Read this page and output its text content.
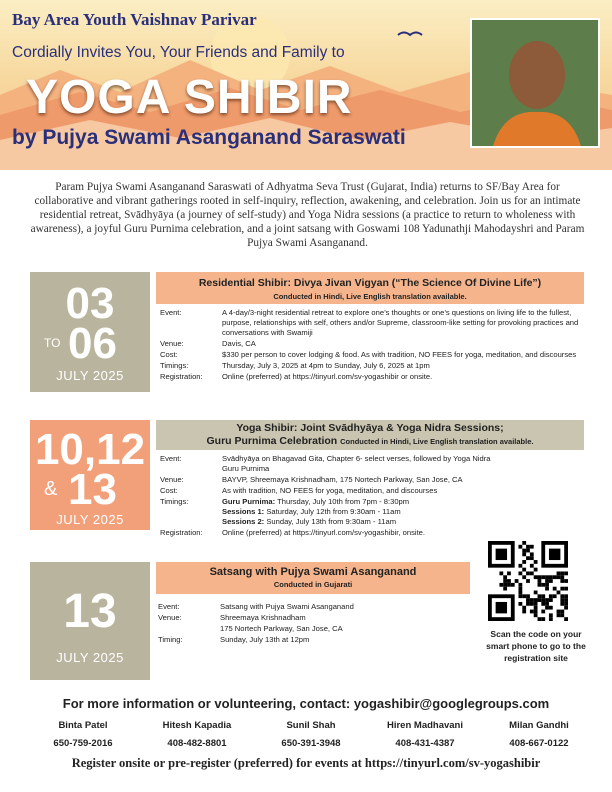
Bay Area Youth Vaishnav Parivar
Cordially Invites You, Your Friends and Family to
YOGA SHIBIR
by Pujya Swami Asanganand Saraswati
Param Pujya Swami Asanganand Saraswati of Adhyatma Seva Trust (Gujarat, India) returns to SF/Bay Area for collaborative and vibrant gatherings rooted in self-inquiry, reflection, awakening, and celebration. Join us for an intimate residential retreat, Svādhyāya (a journey of self-study) and Yoga Nidra sessions (a practice to return to wholeness with awareness), a joyful Guru Purnima celebration, and a joint satsang with Goswami 108 Yadunathji Mahodayshri and Param Pujya Swami Asanganand.
03
TO 06
JULY 2025
Residential Shibir: Divya Jivan Vigyan (“The Science Of Divine Life”)
Conducted in Hindi, Live English translation available.
Event:	A 4-day/3-night residential retreat to explore one’s thoughts or one’s questions on living life to the fullest, purpose, relationships with self, others and/or Supreme, classroom-like setting for provoking practices and conversations with Swamiji
Venue:	Davis, CA
Cost:	$330 per person to cover lodging & food. As with tradition, NO FEES for yoga, meditation, and discourses
Timings:	Thursday, July 3, 2025 at 4pm to Sunday, July 6, 2025 at 1pm
Registration:	Online (preferred) at https://tinyurl.com/sv-yogashibir or onsite.
10,12
& 13
JULY 2025
Yoga Shibir: Joint Svādhyāya & Yoga Nidra Sessions;
Guru Purnima Celebration Conducted in Hindi, Live English translation available.
Event:	Svādhyāya on Bhagavad Gita, Chapter 6- select verses, followed by Yoga Nidra
Guru Purnima
Venue:	BAYVP, Shreemaya Krishnadham, 175 Nortech Parkway, San Jose, CA
Cost:	As with tradition, NO FEES for yoga, meditation, and discourses
Timings:	Guru Purnima: Thursday, July 10th from 7pm - 8:30pm
Sessions 1: Saturday, July 12th from 9:30am - 11am
Sessions 2: Sunday, July 13th from 9:30am - 11am
Registration:	Online (preferred) at https://tinyurl.com/sv-yogashibir, onsite.
13
JULY 2025
Satsang with Pujya Swami Asanganand
Conducted in Gujarati
Event:	Satsang with Pujya Swami Asanganand
Venue:	Shreemaya Krishnadham
	175 Nortech Parkway, San Jose, CA
Timing:	Sunday, July 13th at 12pm
Scan the code on your smart phone to go to the registration site
For more information or volunteering, contact: yogashibir@googlegroups.com
Binta Patel
650-759-2016
Hitesh Kapadia
408-482-8801
Sunil Shah
650-391-3948
Hiren Madhavani
408-431-4387
Milan Gandhi
408-667-0122
Register onsite or pre-register (preferred) for events at https://tinyurl.com/sv-yogashibir
